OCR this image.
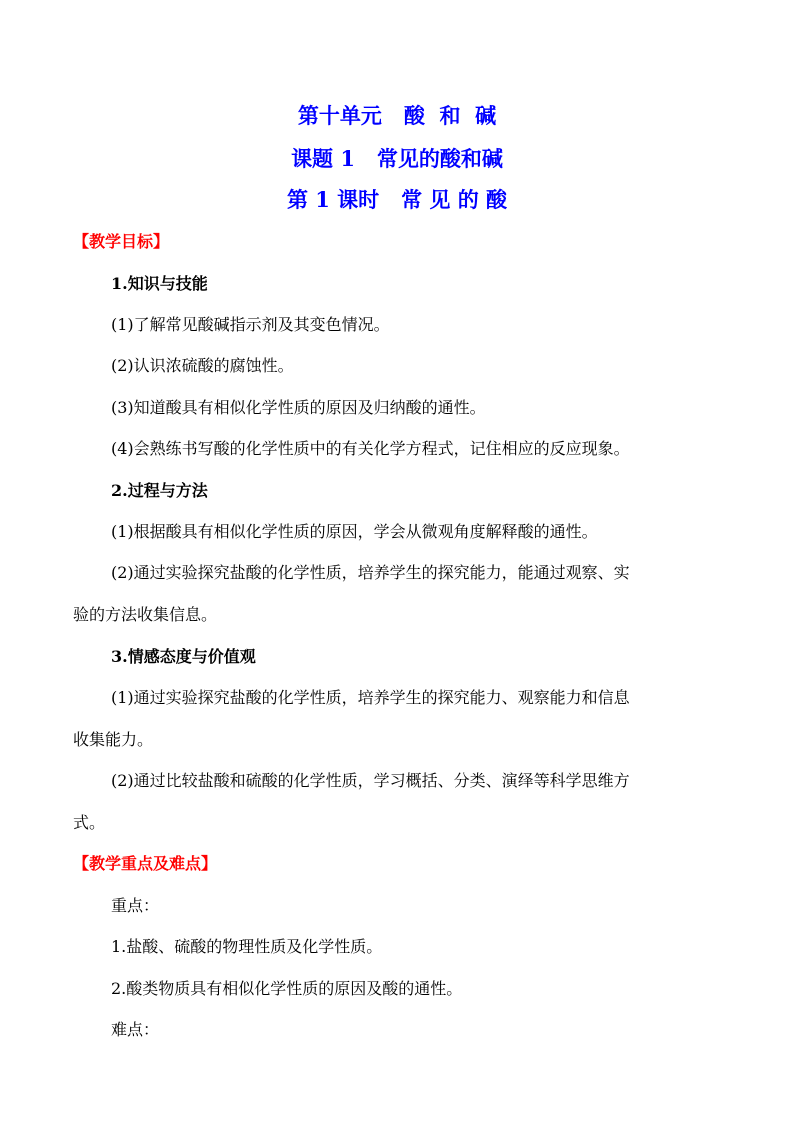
第十单元   酸  和  碱
课题 1   常见的酸和碱
第 1 课时   常 见 的 酸
【教学目标】
1.知识与技能
(1)了解常见酸碱指示剂及其变色情况。
(2)认识浓硫酸的腐蚀性。
(3)知道酸具有相似化学性质的原因及归纳酸的通性。
(4)会熟练书写酸的化学性质中的有关化学方程式，记住相应的反应现象。
2.过程与方法
(1)根据酸具有相似化学性质的原因，学会从微观角度解释酸的通性。
(2)通过实验探究盐酸的化学性质，培养学生的探究能力，能通过观察、实
验的方法收集信息。
3.情感态度与价值观
(1)通过实验探究盐酸的化学性质，培养学生的探究能力、观察能力和信息
收集能力。
(2)通过比较盐酸和硫酸的化学性质，学习概括、分类、演绎等科学思维方
式。
【教学重点及难点】
重点：
1.盐酸、硫酸的物理性质及化学性质。
2.酸类物质具有相似化学性质的原因及酸的通性。
难点：
